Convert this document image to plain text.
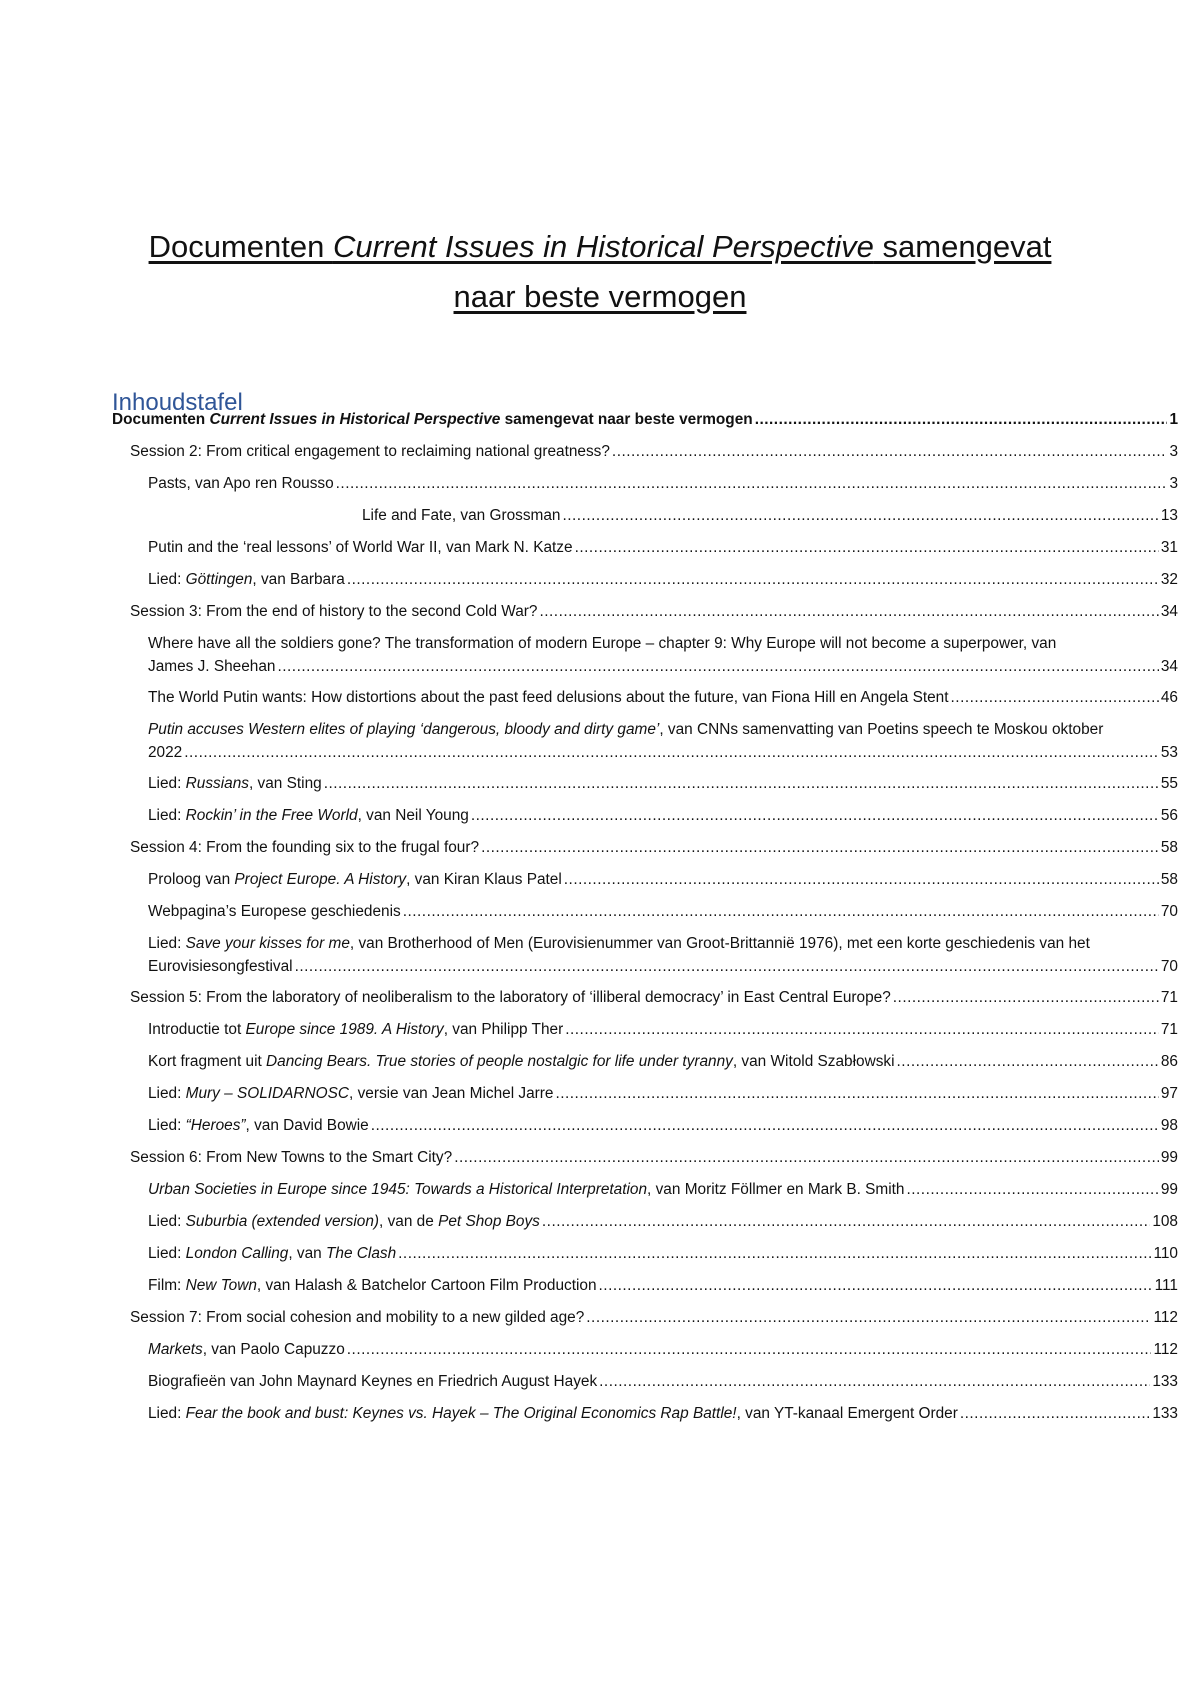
Documenten Current Issues in Historical Perspective samengevat naar beste vermogen
Inhoudstafel
Documenten Current Issues in Historical Perspective samengevat naar beste vermogen .....	1
Session 2: From critical engagement to reclaiming national greatness? .....	3
Pasts, van Apo ren Rousso .....	3
Life and Fate, van Grossman .....	13
Putin and the ‘real lessons’ of World War II, van Mark N. Katze .....	31
Lied: Göttingen, van Barbara .....	32
Session 3: From the end of history to the second Cold War? .....	34
Where have all the soldiers gone? The transformation of modern Europe – chapter 9: Why Europe will not become a superpower, van
James J. Sheehan .....	34
The World Putin wants: How distortions about the past feed delusions about the future, van Fiona Hill en Angela Stent .....	46
Putin accuses Western elites of playing ‘dangerous, bloody and dirty game’, van CNNs samenvatting van Poetins speech te Moskou oktober
2022 .....	53
Lied: Russians, van Sting .....	55
Lied: Rockin’ in the Free World, van Neil Young .....	56
Session 4: From the founding six to the frugal four? .....	58
Proloog van Project Europe. A History, van Kiran Klaus Patel .....	58
Webpagina’s Europese geschiedenis .....	70
Lied: Save your kisses for me, van Brotherhood of Men (Eurovisienummer van Groot-Brittannië 1976), met een korte geschiedenis van het
Eurovisiesongfestival .....	70
Session 5: From the laboratory of neoliberalism to the laboratory of ‘illiberal democracy’ in East Central Europe? .....	71
Introductie tot Europe since 1989. A History, van Philipp Ther .....	71
Kort fragment uit Dancing Bears. True stories of people nostalgic for life under tyranny, van Witold Szabłowski .....	86
Lied: Mury – SOLIDARNOSC, versie van Jean Michel Jarre .....	97
Lied: “Heroes”, van David Bowie .....	98
Session 6: From New Towns to the Smart City? .....	99
Urban Societies in Europe since 1945: Towards a Historical Interpretation, van Moritz Föllmer en Mark B. Smith .....	99
Lied: Suburbia (extended version), van de Pet Shop Boys .....	108
Lied: London Calling, van The Clash .....	110
Film: New Town, van Halash & Batchelor Cartoon Film Production .....	111
Session 7: From social cohesion and mobility to a new gilded age? .....	112
Markets, van Paolo Capuzzo .....	112
Biografieën van John Maynard Keynes en Friedrich August Hayek .....	133
Lied: Fear the book and bust: Keynes vs. Hayek – The Original Economics Rap Battle!, van YT-kanaal Emergent Order .....	133
